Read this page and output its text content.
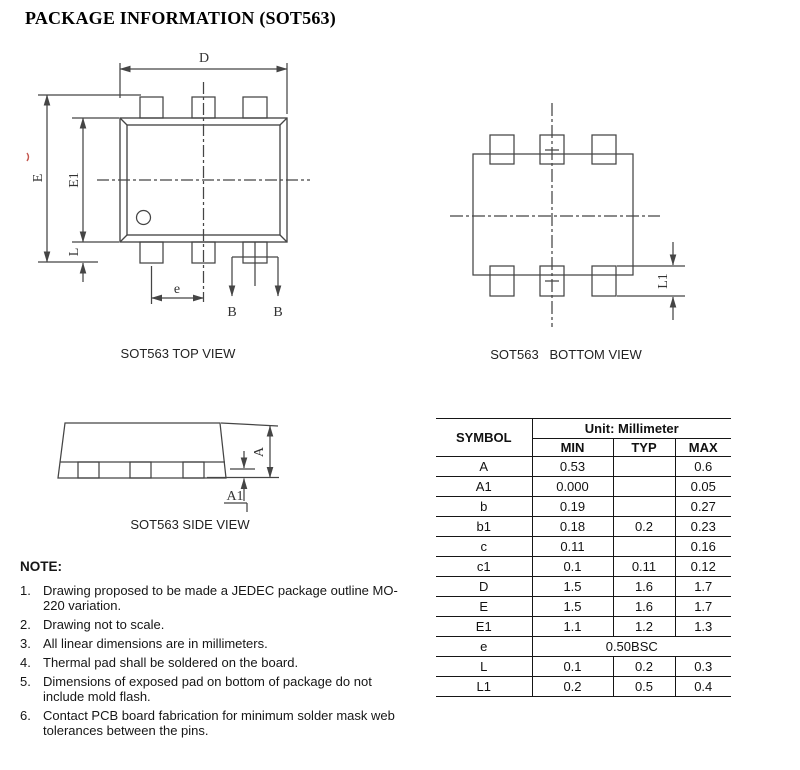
PACKAGE INFORMATION (SOT563)
D
E E1
L
e
B	B
SOT563 TOP VIEW
L1
SOT563   BOTTOM VIEW
A
A1
SOT563 SIDE VIEW
SYMBOL	Unit: Millimeter		
	MIN	TYP	MAX
A	0.53		0.6
A1	0.000		0.05
b	0.19		0.27
b1	0.18	0.2	0.23
c	0.11		0.16
c1	0.1	0.11	0.12
D	1.5	1.6	1.7
E	1.5	1.6	1.7
E1	1.1	1.2	1.3
e	0.50BSC		
L	0.1	0.2	0.3
L1	0.2	0.5	0.4
NOTE:
1. Drawing proposed to be made a JEDEC package outline MO-220 variation.
2. Drawing not to scale.
3. All linear dimensions are in millimeters.
4. Thermal pad shall be soldered on the board.
5. Dimensions of exposed pad on bottom of package do not include mold flash.
6. Contact PCB board fabrication for minimum solder mask web tolerances between the pins.
